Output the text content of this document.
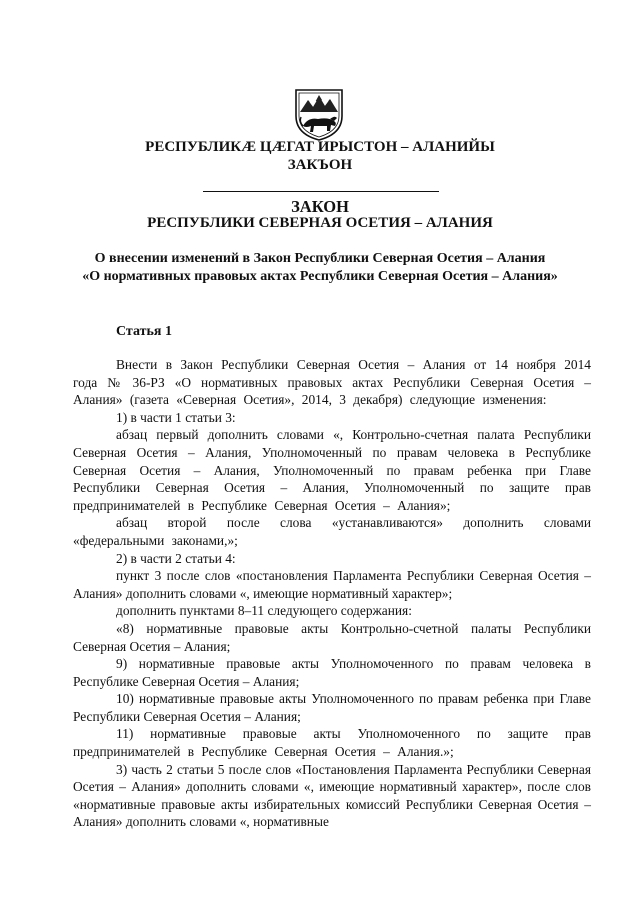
РЕСПУБЛИКӔ ЦӔГАТ ИРЫСТОН – АЛАНИЙЫ
ЗАКЪОН
ЗАКОН
РЕСПУБЛИКИ СЕВЕРНАЯ ОСЕТИЯ – АЛАНИЯ
О внесении изменений в Закон Республики Северная Осетия – Алания
«О нормативных правовых актах Республики Северная Осетия – Алания»
Статья 1

Внести в Закон Республики Северная Осетия – Алания от 14 ноября 2014 года № 36-РЗ «О нормативных правовых актах Республики Северная Осетия – Алания» (газета «Северная Осетия», 2014, 3 декабря) следующие изменения:

1) в части 1 статьи 3:

абзац первый дополнить словами «, Контрольно-счетная палата Республики Северная Осетия – Алания, Уполномоченный по правам человека в Республике Северная Осетия – Алания, Уполномоченный по правам ребенка при Главе Республики Северная Осетия – Алания, Уполномоченный по защите прав предпринимателей в Республике Северная Осетия – Алания»;

абзац второй после слова «устанавливаются» дополнить словами «федеральными законами,»;

2) в части 2 статьи 4:

пункт 3 после слов «постановления Парламента Республики Северная Осетия – Алания» дополнить словами «, имеющие нормативный характер»;

дополнить пунктами 8–11 следующего содержания:

«8) нормативные правовые акты Контрольно-счетной палаты Республики Северная Осетия – Алания;

9) нормативные правовые акты Уполномоченного по правам человека в Республике Северная Осетия – Алания;

10) нормативные правовые акты Уполномоченного по правам ребенка при Главе Республики Северная Осетия – Алания;

11) нормативные правовые акты Уполномоченного по защите прав предпринимателей в Республике Северная Осетия – Алания.»;

3) часть 2 статьи 5 после слов «Постановления Парламента Республики Северная Осетия – Алания» дополнить словами «, имеющие нормативный характер», после слов «нормативные правовые акты избирательных комиссий Республики Северная Осетия – Алания» дополнить словами «, нормативные
